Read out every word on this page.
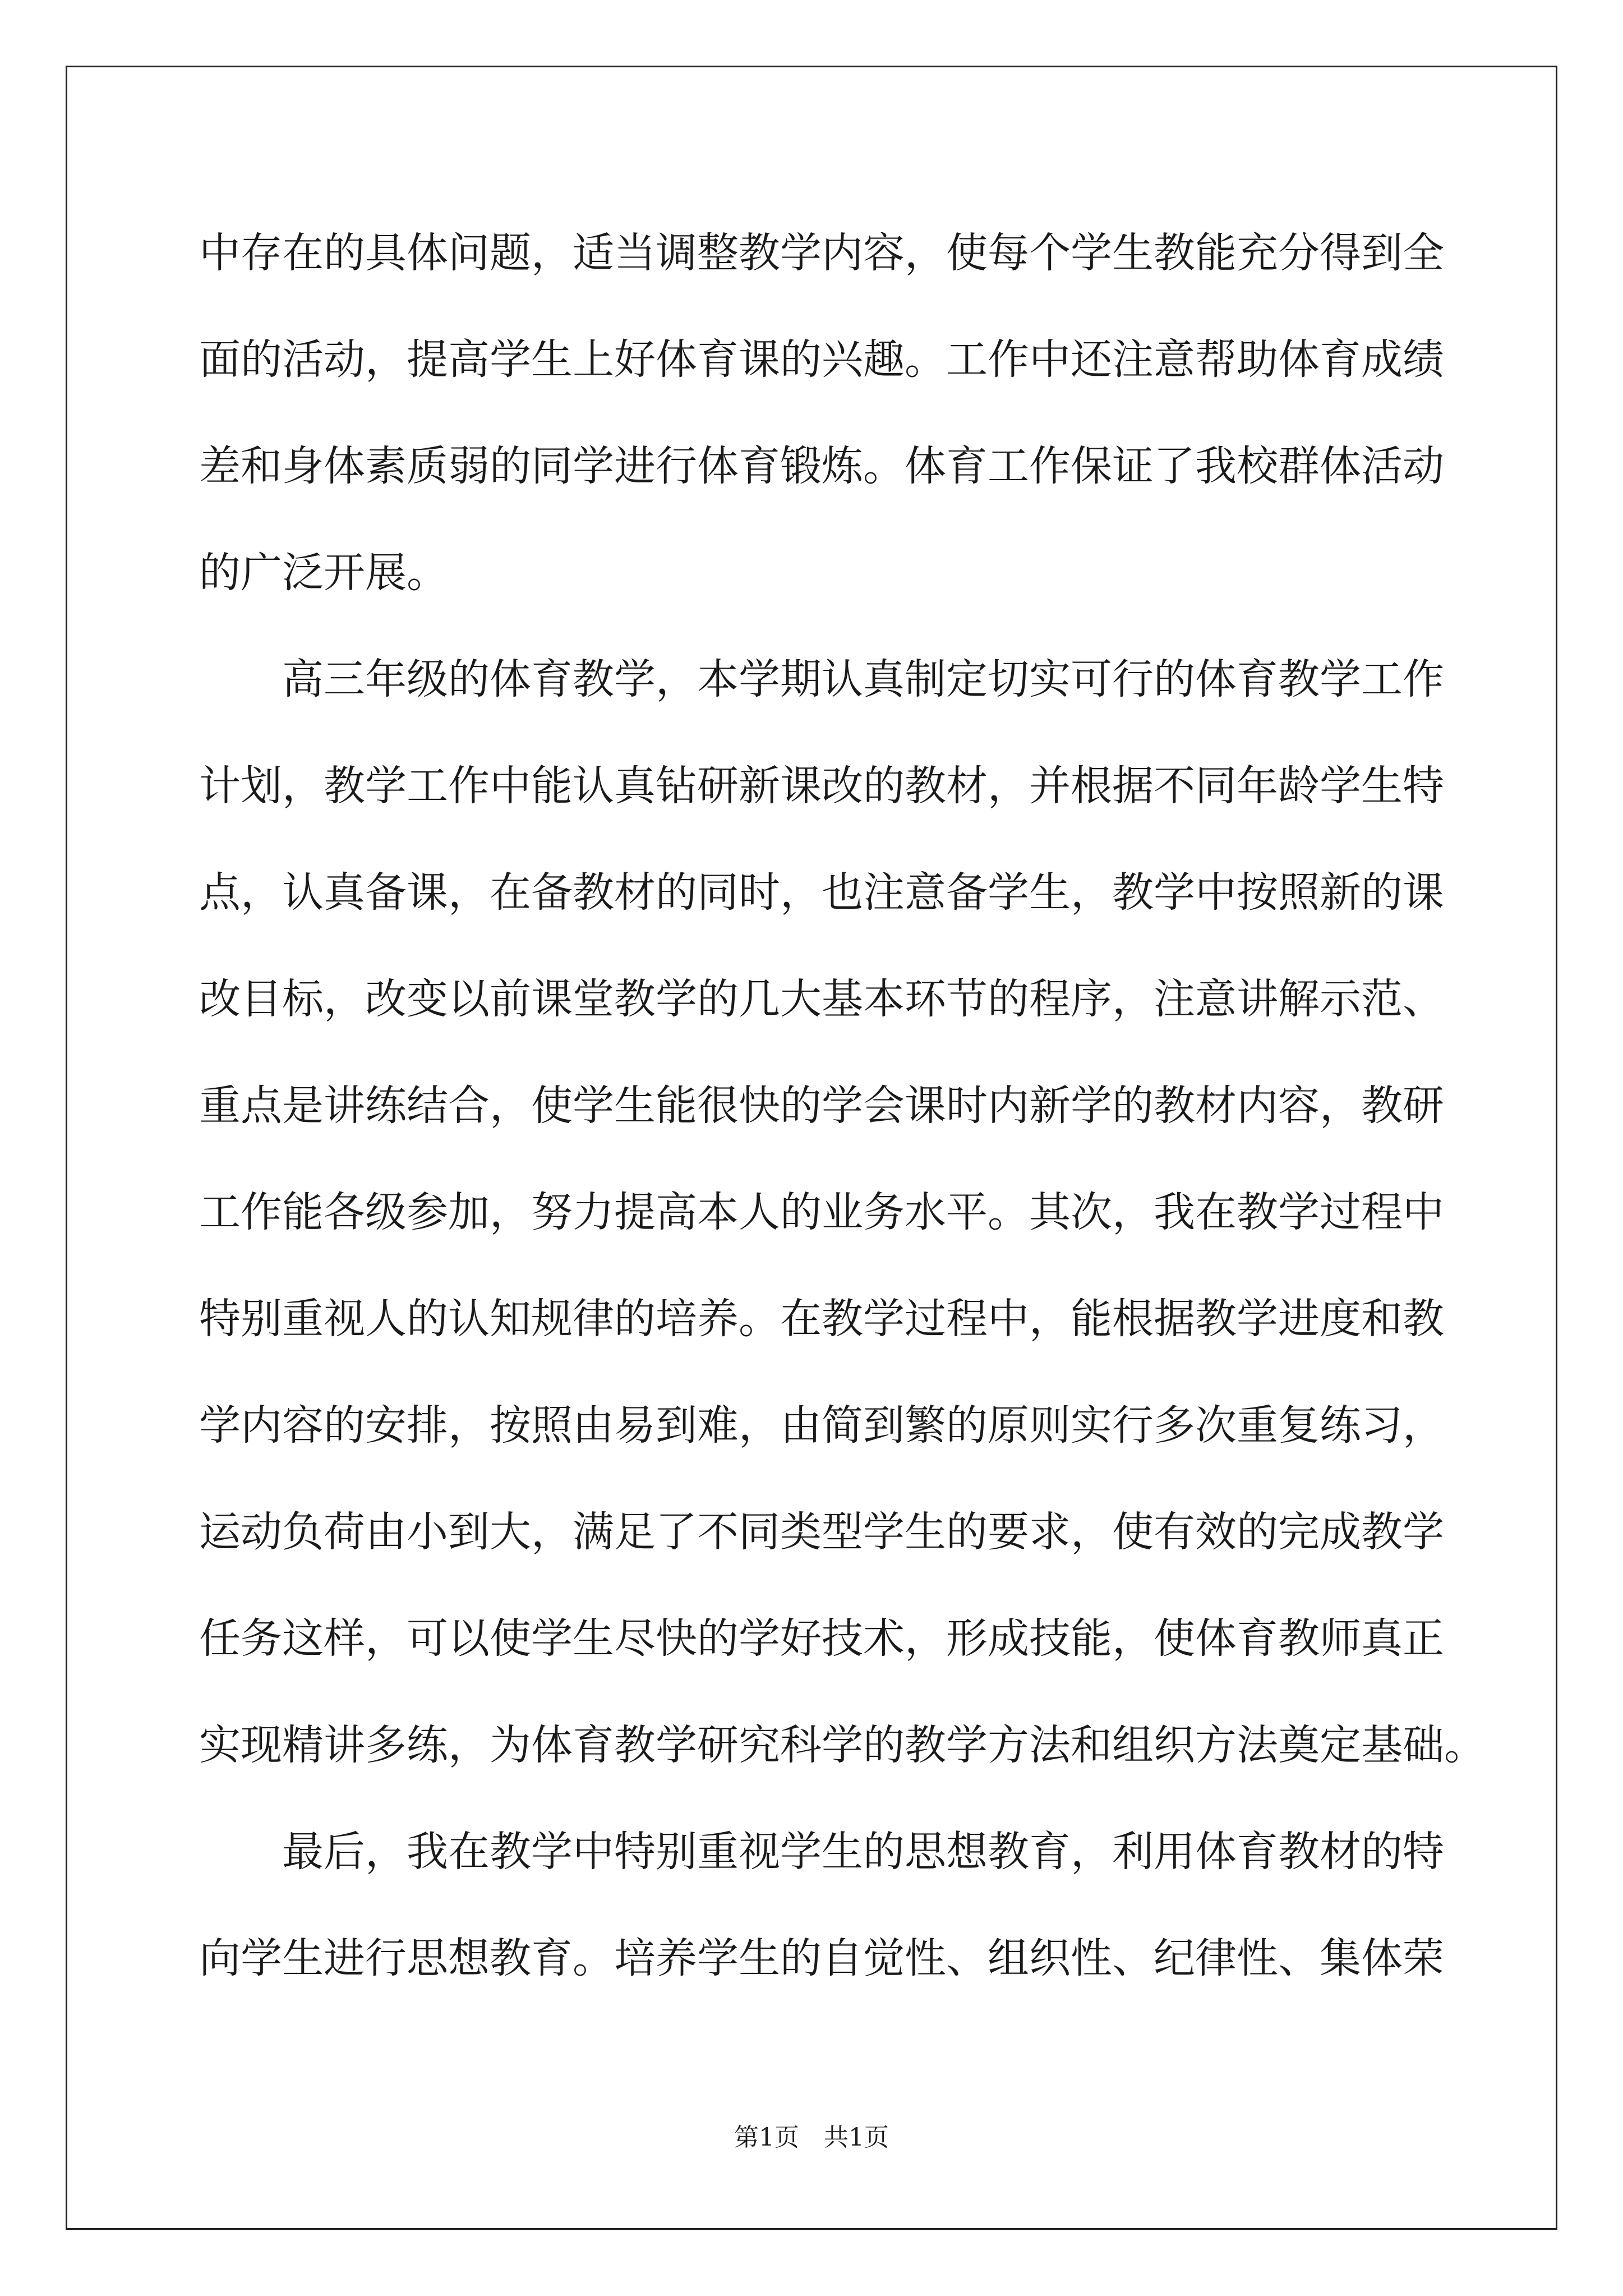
中存在的具体问题，适当调整教学内容，使每个学生教能充分得到全
面的活动，提高学生上好体育课的兴趣。工作中还注意帮助体育成绩
差和身体素质弱的同学进行体育锻炼。体育工作保证了我校群体活动
的广泛开展。
高三年级的体育教学，本学期认真制定切实可行的体育教学工作
计划，教学工作中能认真钻研新课改的教材，并根据不同年龄学生特
点，认真备课，在备教材的同时，也注意备学生，教学中按照新的课
改目标，改变以前课堂教学的几大基本环节的程序，注意讲解示范、
重点是讲练结合，使学生能很快的学会课时内新学的教材内容，教研
工作能各级参加，努力提高本人的业务水平。其次，我在教学过程中
特别重视人的认知规律的培养。在教学过程中，能根据教学进度和教
学内容的安排，按照由易到难，由简到繁的原则实行多次重复练习，
运动负荷由小到大，满足了不同类型学生的要求，使有效的完成教学
任务这样，可以使学生尽快的学好技术，形成技能，使体育教师真正
实现精讲多练，为体育教学研究科学的教学方法和组织方法奠定基础。
最后，我在教学中特别重视学生的思想教育，利用体育教材的特
向学生进行思想教育。培养学生的自觉性、组织性、纪律性、集体荣
第1页　共1页
